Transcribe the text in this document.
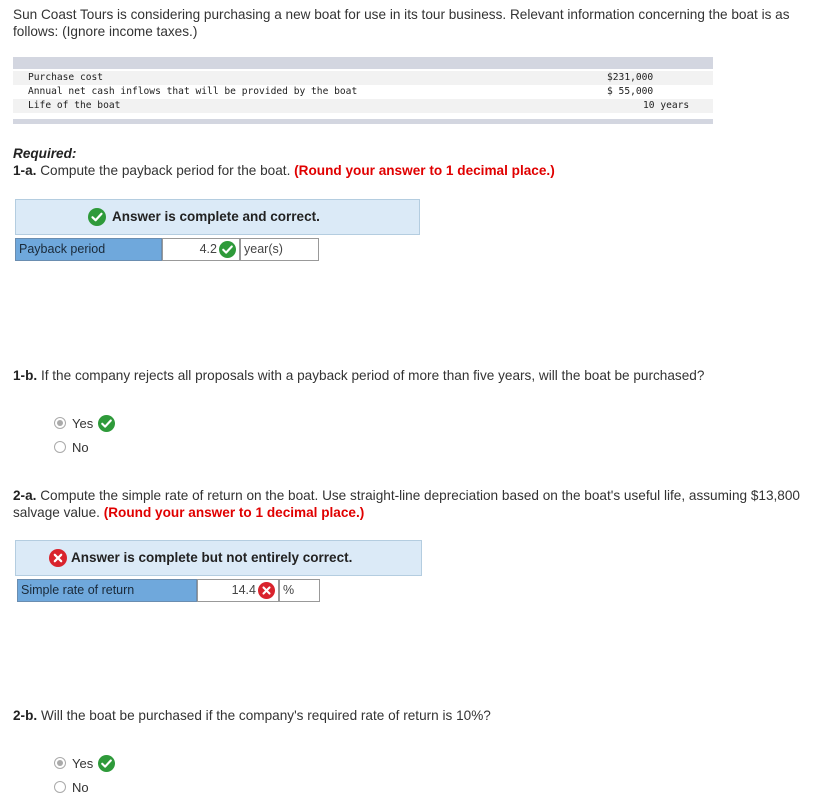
Sun Coast Tours is considering purchasing a new boat for use in its tour business. Relevant information concerning the boat is as follows: (Ignore income taxes.)
Purchase cost	$231,000
Annual net cash inflows that will be provided by the boat	$ 55,000
Life of the boat	10 years
Required:
1-a. Compute the payback period for the boat. (Round your answer to 1 decimal place.)
Answer is complete and correct.
Payback period	4.2	year(s)
1-b. If the company rejects all proposals with a payback period of more than five years, will the boat be purchased?
Yes
No
2-a. Compute the simple rate of return on the boat. Use straight-line depreciation based on the boat's useful life, assuming $13,800 salvage value. (Round your answer to 1 decimal place.)
Answer is complete but not entirely correct.
Simple rate of return	14.4	%
2-b. Will the boat be purchased if the company's required rate of return is 10%?
Yes
No
